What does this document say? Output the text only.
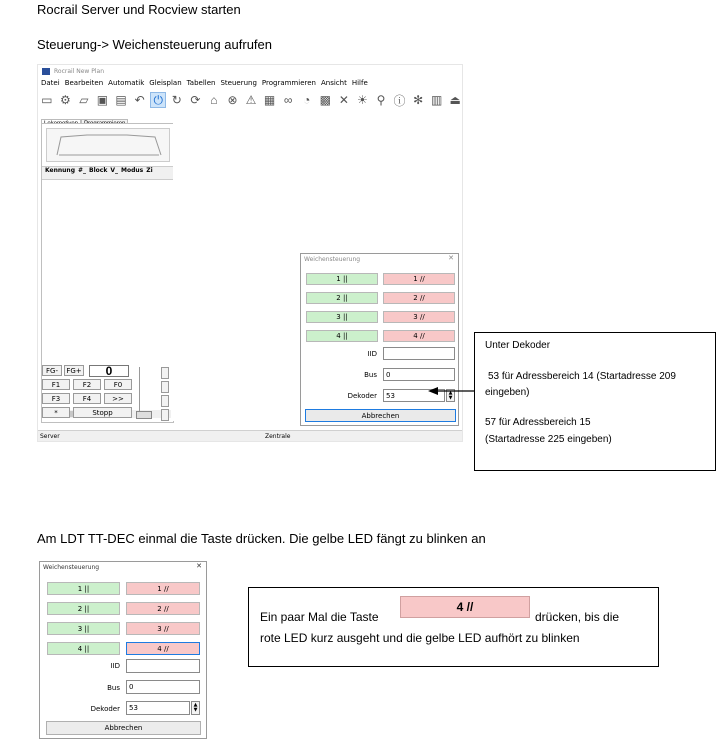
Rocrail Server und Rocview starten
Steuerung-> Weichensteuerung aufrufen
Rocrail New Plan
Datei Bearbeiten Automatik Gleisplan Tabellen Steuerung Programmieren Ansicht Hilfe
▭ ⚙ ▱ ▣ ▤ ↶ ⏻ ↻ ⟳ ⌂ ⊗ ⚠ ▦ ∞ ◔ ▩ ✕ ☀ ⚲ ⓘ ✻ ▥ ⏏
Kennung #_ Block V_ Modus Zi
FG-	FG+	0
F1	F2	F0
F3	F4	>>
*	Stopp
Weichensteuerung	✕
1 ||	1 //
2 ||	2 //
3 ||	3 //
4 ||	4 //
IID
Bus	0
Dekoder	53	▲
▼
Abbrechen
Server	Zentrale

Unter Dekoder

53 für Adressbereich 14 (Startadresse 209

eingeben)

57 für Adressbereich 15

(Startadresse 225 eingeben)

Am LDT TT-DEC einmal die Taste drücken. Die gelbe LED fängt zu blinken an
Weichensteuerung	✕
1 ||	1 //
2 ||	2 //
3 ||	3 //
4 ||	4 //
IID
Bus	0
Dekoder	53	▲
▼
Abbrechen

Ein paar Mal die Taste

4 //

drücken, bis die

rote LED kurz ausgeht und die gelbe LED aufhört zu blinken
